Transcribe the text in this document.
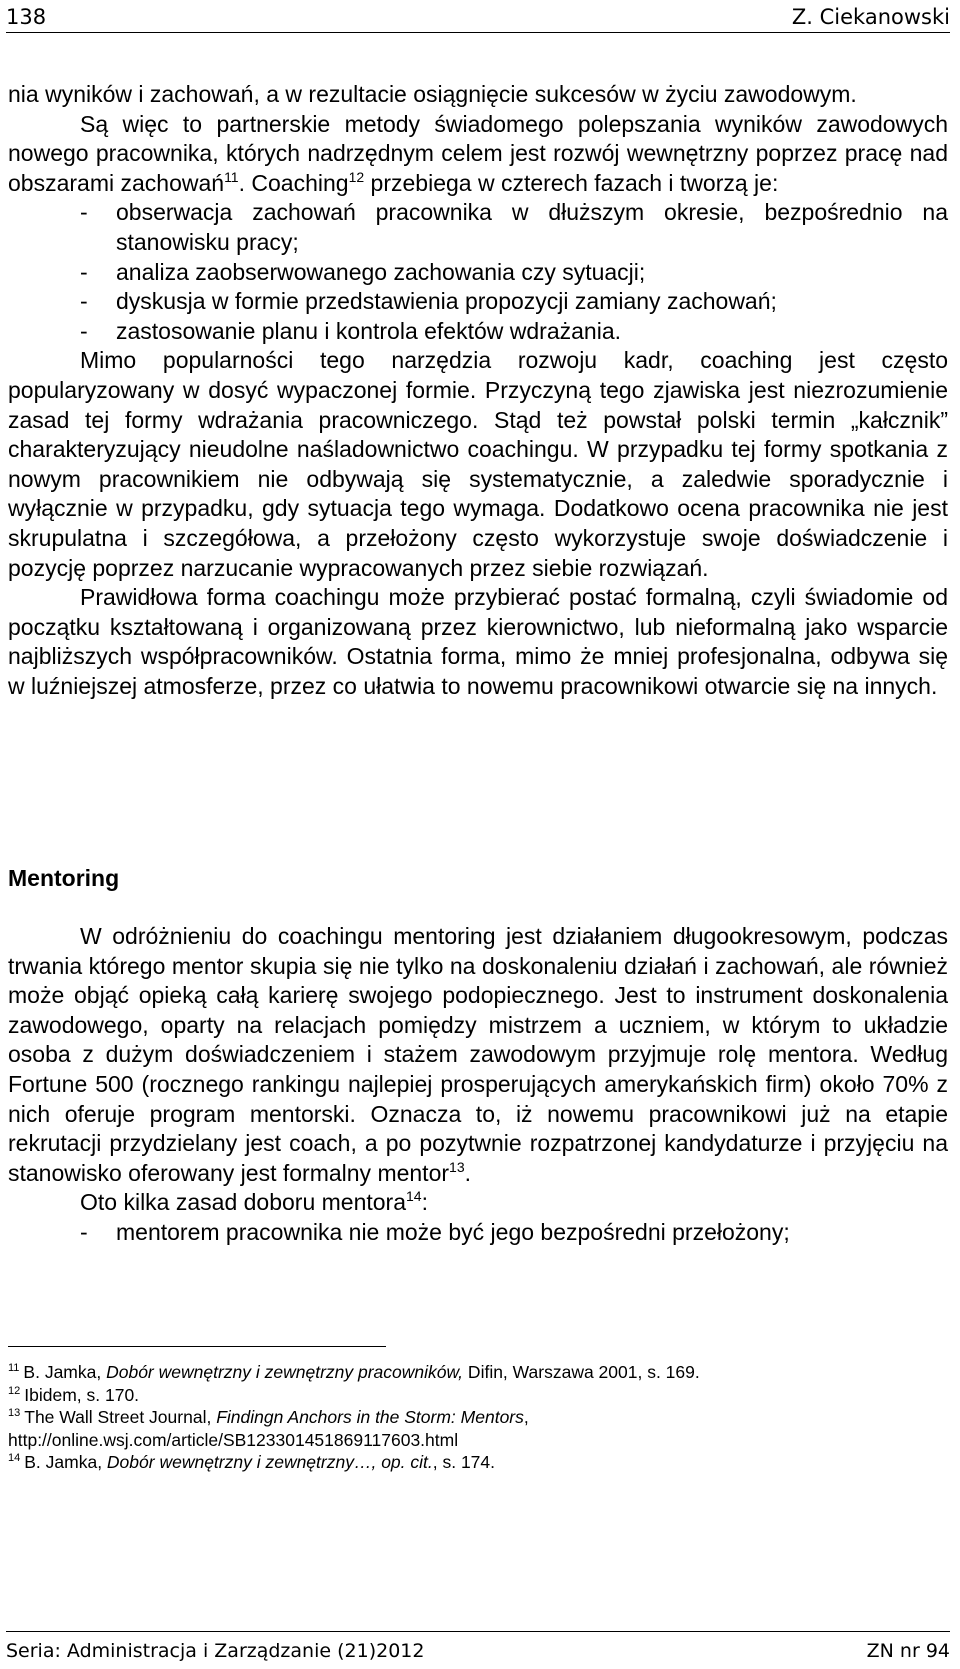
138	Z. Ciekanowski

nia wyników i zachowań, a w rezultacie osiągnięcie sukcesów w życiu zawodowym.

Są więc to partnerskie metody świadomego polepszania wyników zawodowych nowego pracownika, których nadrzędnym celem jest rozwój wewnętrzny poprzez pracę nad obszarami zachowań$^{11}$. Coaching$^{12}$ przebiega w czterech fazach i tworzą je:

- obserwacja zachowań pracownika w dłuższym okresie, bezpośrednio na stanowisku pracy;
- analiza zaobserwowanego zachowania czy sytuacji;
- dyskusja w formie przedstawienia propozycji zamiany zachowań;
- zastosowanie planu i kontrola efektów wdrażania.

Mimo popularności tego narzędzia rozwoju kadr, coaching jest często popularyzowany w dosyć wypaczonej formie. Przyczyną tego zjawiska jest niezrozumienie zasad tej formy wdrażania pracowniczego. Stąd też powstał polski termin „kałcznik” charakteryzujący nieudolne naśladownictwo coachingu. W przypadku tej formy spotkania z nowym pracownikiem nie odbywają się systematycznie, a zaledwie sporadycznie i wyłącznie w przypadku, gdy sytuacja tego wymaga. Dodatkowo ocena pracownika nie jest skrupulatna i szczegółowa, a przełożony często wykorzystuje swoje doświadczenie i pozycję poprzez narzucanie wypracowanych przez siebie rozwiązań.

Prawidłowa forma coachingu może przybierać postać formalną, czyli świadomie od początku kształtowaną i organizowaną przez kierownictwo, lub nieformalną jako wsparcie najbliższych współpracowników. Ostatnia forma, mimo że mniej profesjonalna, odbywa się w luźniejszej atmosferze, przez co ułatwia to nowemu pracownikowi otwarcie się na innych.

Mentoring

W odróżnieniu do coachingu mentoring jest działaniem długookresowym, podczas trwania którego mentor skupia się nie tylko na doskonaleniu działań i zachowań, ale również może objąć opieką całą karierę swojego podopiecznego. Jest to instrument doskonalenia zawodowego, oparty na relacjach pomiędzy mistrzem a uczniem, w którym to układzie osoba z dużym doświadczeniem i stażem zawodowym przyjmuje rolę mentora. Według Fortune 500 (rocznego rankingu najlepiej prosperujących amerykańskich firm) około 70% z nich oferuje program mentorski. Oznacza to, iż nowemu pracownikowi już na etapie rekrutacji przydzielany jest coach, a po pozytwnie rozpatrzonej kandydaturze i przyjęciu na stanowisko oferowany jest formalny mentor$^{13}$.

Oto kilka zasad doboru mentora$^{14}$:

- mentorem pracownika nie może być jego bezpośredni przełożony;
$^{11}$ B. Jamka, Dobór wewnętrzny i zewnętrzny pracowników, Difin, Warszawa 2001, s. 169.
$^{12}$ Ibidem, s. 170.
$^{13}$ The Wall Street Journal, Findingn Anchors in the Storm: Mentors,
http://online.wsj.com/article/SB123301451869117603.html
$^{14}$ B. Jamka, Dobór wewnętrzny i zewnętrzny…, op. cit., s. 174.
Seria: Administracja i Zarządzanie (21)2012	ZN nr 94
